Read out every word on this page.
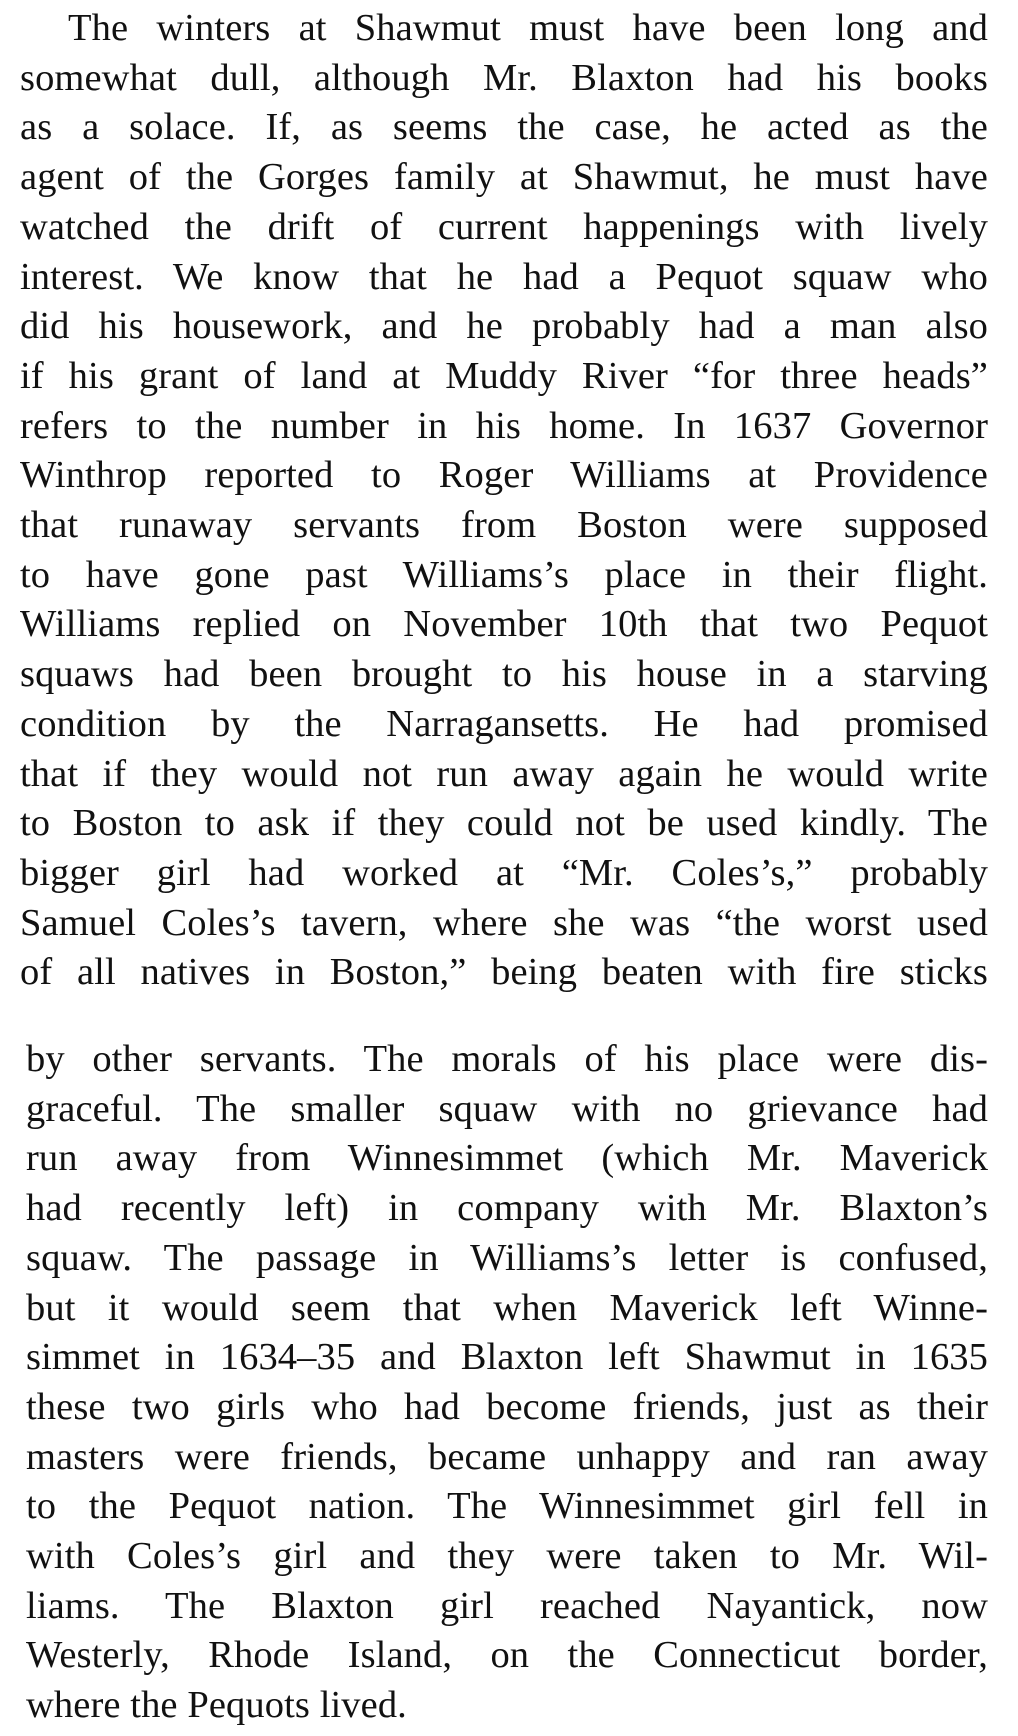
The winters at Shawmut must have been long and
somewhat dull, although Mr. Blaxton had his books
as a solace. If, as seems the case, he acted as the
agent of the Gorges family at Shawmut, he must have
watched the drift of current happenings with lively
interest. We know that he had a Pequot squaw who
did his housework, and he probably had a man also
if his grant of land at Muddy River “for three heads”
refers to the number in his home. In 1637 Governor
Winthrop reported to Roger Williams at Providence
that runaway servants from Boston were supposed
to have gone past Williams’s place in their flight.
Williams replied on November 10th that two Pequot
squaws had been brought to his house in a starving
condition by the Narragansetts. He had promised
that if they would not run away again he would write
to Boston to ask if they could not be used kindly. The
bigger girl had worked at “Mr. Coles’s,” probably
Samuel Coles’s tavern, where she was “the worst used
of all natives in Boston,” being beaten with fire sticks

by other servants. The morals of his place were dis-
graceful. The smaller squaw with no grievance had
run away from Winnesimmet (which Mr. Maverick
had recently left) in company with Mr. Blaxton’s
squaw. The passage in Williams’s letter is confused,
but it would seem that when Maverick left Winne-
simmet in 1634–35 and Blaxton left Shawmut in 1635
these two girls who had become friends, just as their
masters were friends, became unhappy and ran away
to the Pequot nation. The Winnesimmet girl fell in
with Coles’s girl and they were taken to Mr. Wil-
liams. The Blaxton girl reached Nayantick, now
Westerly, Rhode Island, on the Connecticut border,
where the Pequots lived.
